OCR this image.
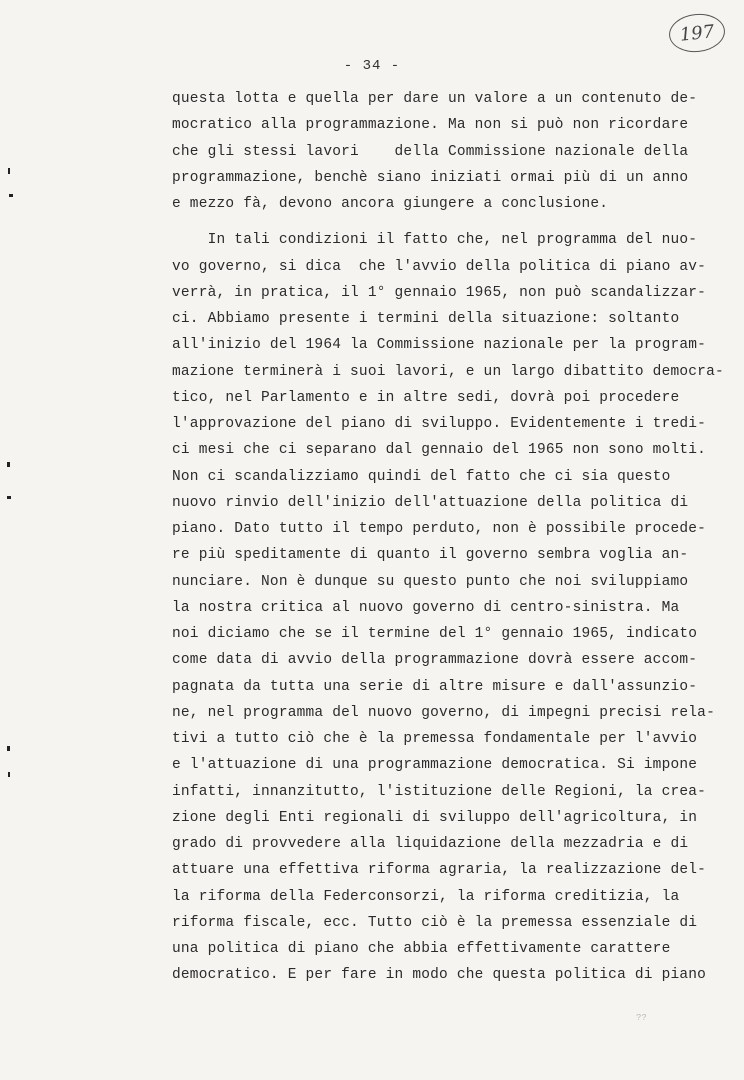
197
- 34 -
questa lotta e quella per dare un valore a un contenuto de-
mocratico alla programmazione. Ma non si può non ricordare
che gli stessi lavori    della Commissione nazionale della
programmazione, benchè siano iniziati ormai più di un anno
e mezzo fà, devono ancora giungere a conclusione.
In tali condizioni il fatto che, nel programma del nuo-
vo governo, si dica  che l'avvio della politica di piano av-
verrà, in pratica, il 1° gennaio 1965, non può scandalizzar-
ci. Abbiamo presente i termini della situazione: soltanto
all'inizio del 1964 la Commissione nazionale per la program-
mazione terminerà i suoi lavori, e un largo dibattito democra-
tico, nel Parlamento e in altre sedi, dovrà poi procedere
l'approvazione del piano di sviluppo. Evidentemente i tredi-
ci mesi che ci separano dal gennaio del 1965 non sono molti.
Non ci scandalizziamo quindi del fatto che ci sia questo
nuovo rinvio dell'inizio dell'attuazione della politica di
piano. Dato tutto il tempo perduto, non è possibile procede-
re più speditamente di quanto il governo sembra voglia an-
nunciare. Non è dunque su questo punto che noi sviluppiamo
la nostra critica al nuovo governo di centro-sinistra. Ma
noi diciamo che se il termine del 1° gennaio 1965, indicato
come data di avvio della programmazione dovrà essere accom-
pagnata da tutta una serie di altre misure e dall'assunzio-
ne, nel programma del nuovo governo, di impegni precisi rela-
tivi a tutto ciò che è la premessa fondamentale per l'avvio
e l'attuazione di una programmazione democratica. Si impone
infatti, innanzitutto, l'istituzione delle Regioni, la crea-
zione degli Enti regionali di sviluppo dell'agricoltura, in
grado di provvedere alla liquidazione della mezzadria e di
attuare una effettiva riforma agraria, la realizzazione del-
la riforma della Federconsorzi, la riforma creditizia, la
riforma fiscale, ecc. Tutto ciò è la premessa essenziale di
una politica di piano che abbia effettivamente carattere
democratico. E per fare in modo che questa politica di piano
??
